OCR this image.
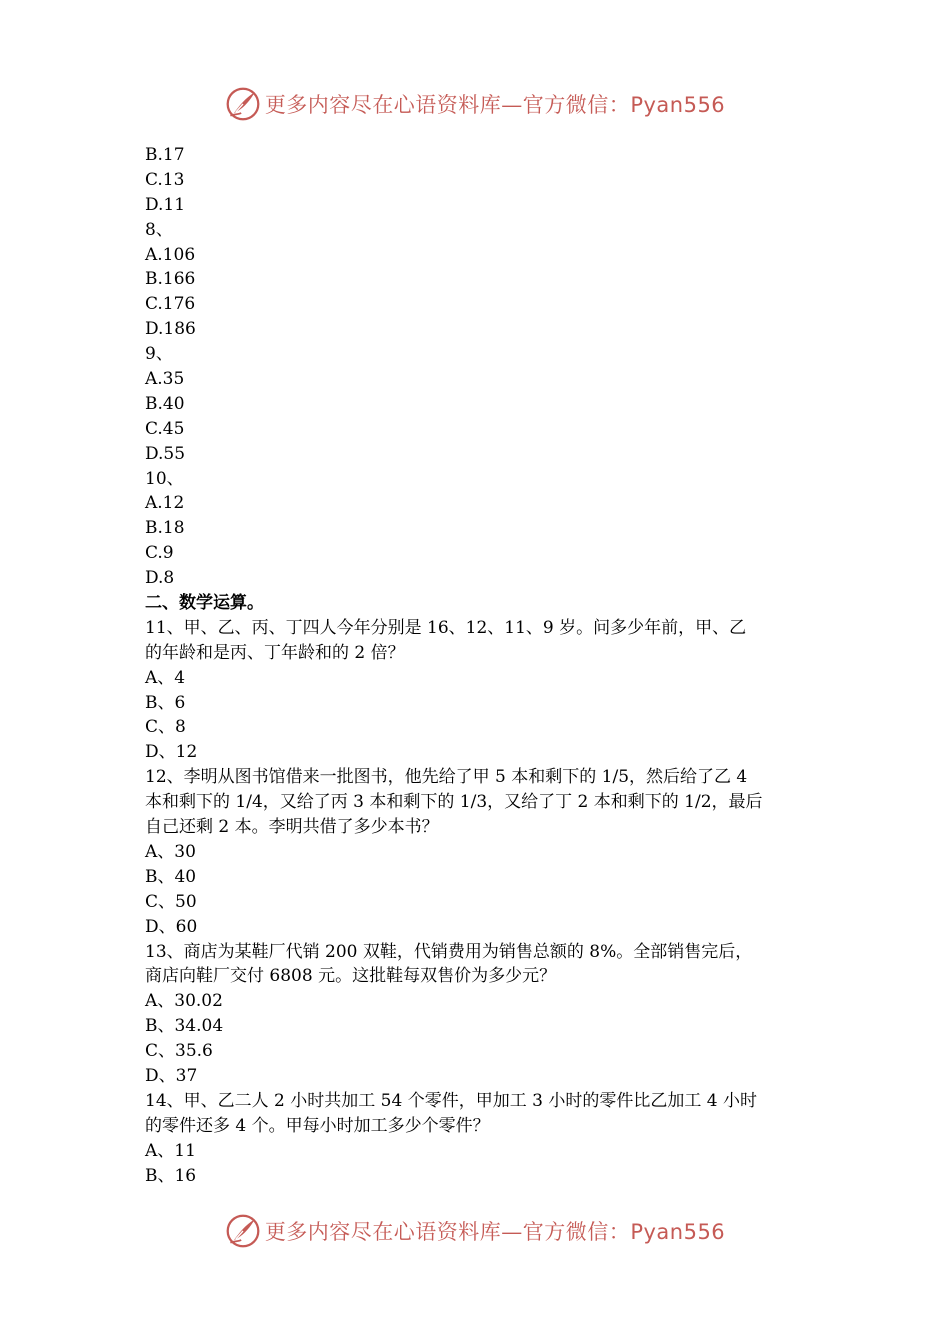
更多内容尽在心语资料库—官方微信：Pyan556
B.17
C.13
D.11
8、
A.106
B.166
C.176
D.186
9、
A.35
B.40
C.45
D.55
10、
A.12
B.18
C.9
D.8
二、数学运算。
11、甲、乙、丙、丁四人今年分别是 16、12、11、9 岁。问多少年前，甲、乙
的年龄和是丙、丁年龄和的 2 倍？
A、4
B、6
C、8
D、12
12、李明从图书馆借来一批图书，他先给了甲 5 本和剩下的 1/5，然后给了乙 4
本和剩下的 1/4，又给了丙 3 本和剩下的 1/3，又给了丁 2 本和剩下的 1/2，最后
自己还剩 2 本。李明共借了多少本书？
A、30
B、40
C、50
D、60
13、商店为某鞋厂代销 200 双鞋，代销费用为销售总额的 8%。全部销售完后，
商店向鞋厂交付 6808 元。这批鞋每双售价为多少元？
A、30.02
B、34.04
C、35.6
D、37
14、甲、乙二人 2 小时共加工 54 个零件，甲加工 3 小时的零件比乙加工 4 小时
的零件还多 4 个。甲每小时加工多少个零件？
A、11
B、16
更多内容尽在心语资料库—官方微信：Pyan556
